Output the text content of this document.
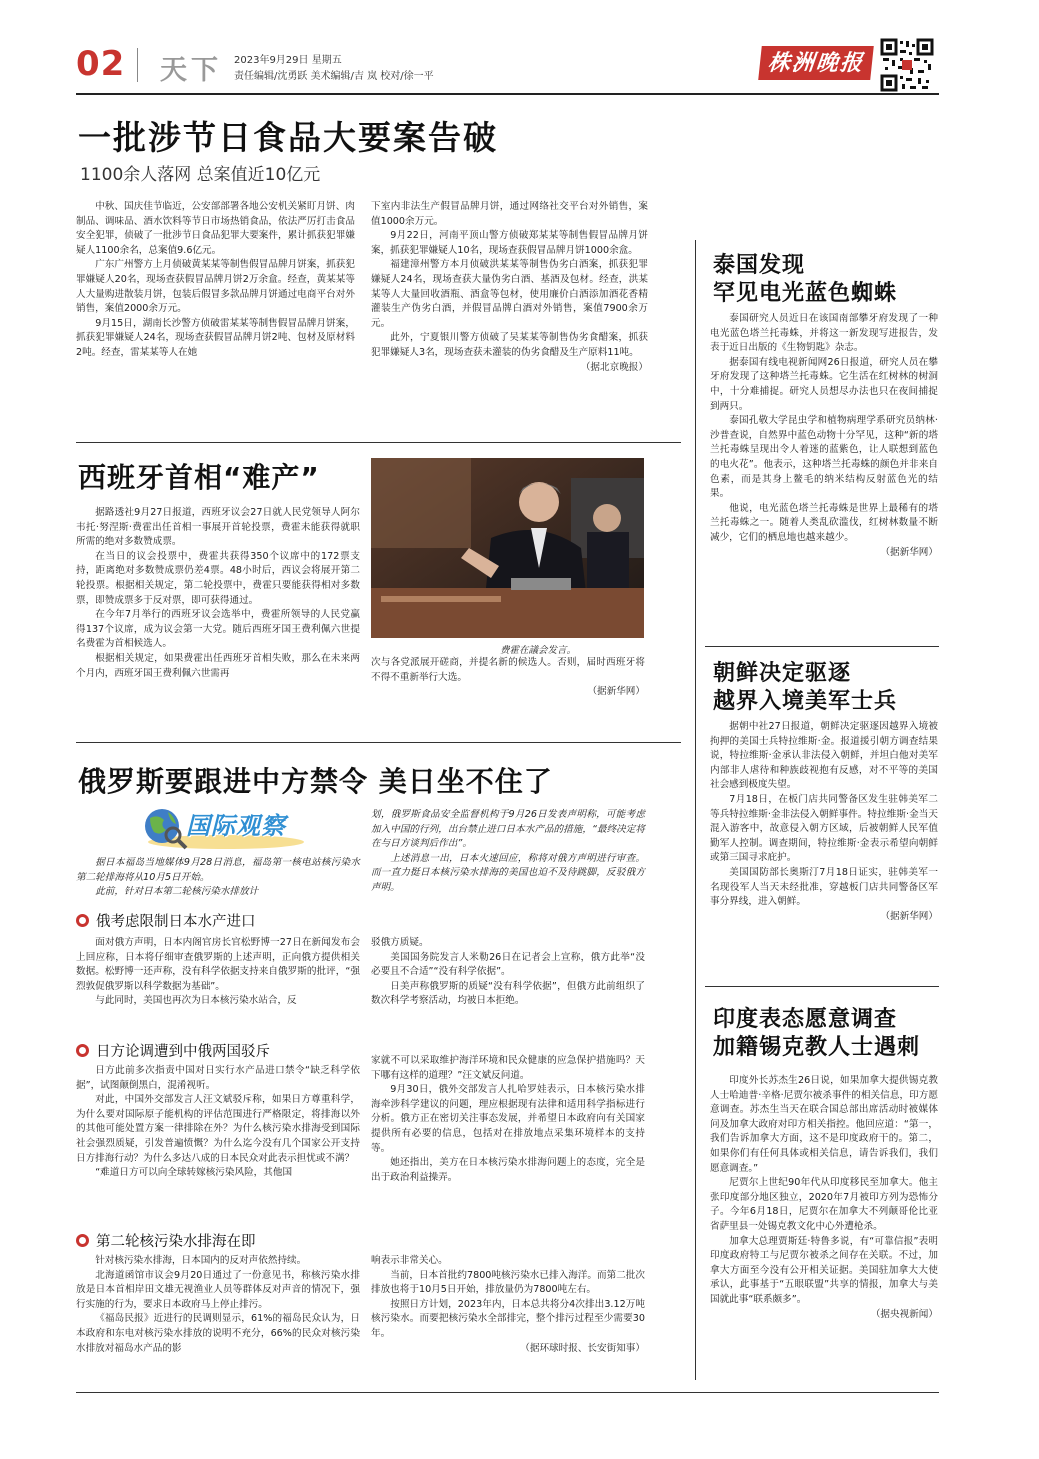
02 天下 2023年9月29日 星期五
责任编辑/沈勇跃 美术编辑/吉 岚 校对/徐一平
株洲晚报
一批涉节日食品大要案告破
1100余人落网 总案值近10亿元

中秋、国庆佳节临近，公安部部署各地公安机关紧盯月饼、肉制品、调味品、酒水饮料等节日市场热销食品，依法严厉打击食品安全犯罪，侦破了一批涉节日食品犯罪大要案件，累计抓获犯罪嫌疑人1100余名，总案值9.6亿元。

广东广州警方上月侦破黄某某等制售假冒品牌月饼案，抓获犯罪嫌疑人20名，现场查获假冒品牌月饼2万余盒。经查，黄某某等人大量购进散装月饼，包装后假冒多款品牌月饼通过电商平台对外销售，案值2000余万元。

9月15日，湖南长沙警方侦破雷某某等制售假冒品牌月饼案，抓获犯罪嫌疑人24名，现场查获假冒品牌月饼2吨、包材及原材料2吨。经查，雷某某等人在她

下室内非法生产假冒品牌月饼，通过网络社交平台对外销售，案值1000余万元。

9月22日，河南平顶山警方侦破郑某某等制售假冒品牌月饼案，抓获犯罪嫌疑人10名，现场查获假冒品牌月饼1000余盒。

福建漳州警方本月侦破洪某某等制售伪劣白酒案，抓获犯罪嫌疑人24名，现场查获大量伪劣白酒、基酒及包材。经查，洪某某等人大量回收酒瓶、酒盒等包材，使用廉价白酒添加酒花香精灌装生产伪劣白酒，并假冒品牌白酒对外销售，案值7900余万元。

此外，宁夏银川警方侦破了吴某某等制售伪劣食醋案，抓获犯罪嫌疑人3名，现场查获未灌装的伪劣食醋及生产原料11吨。

（据北京晚报）

泰国发现
罕见电光蓝色蜘蛛

泰国研究人员近日在该国南部攀牙府发现了一种电光蓝色塔兰托毒蛛，并将这一新发现写进报告，发表于近日出版的《生物钥匙》杂志。

据泰国有线电视新闻网26日报道，研究人员在攀牙府发现了这种塔兰托毒蛛。它生活在红树林的树洞中，十分难捕捉。研究人员想尽办法也只在夜间捕捉到两只。

泰国孔敬大学昆虫学和植物病理学系研究员纳林·沙普查说，自然界中蓝色动物十分罕见，这种“新的塔兰托毒蛛呈现出令人着迷的蓝紫色，让人联想到蓝色的电火花”。他表示，这种塔兰托毒蛛的颜色并非来自色素，而是其身上鳌毛的纳米结构反射蓝色光的结果。

他说，电光蓝色塔兰托毒蛛是世界上最稀有的塔兰托毒蛛之一。随着人类乱砍滥伐，红树林数量不断减少，它们的栖息地也越来越少。

（据新华网）

朝鲜决定驱逐
越界入境美军士兵

据朝中社27日报道，朝鲜决定驱逐因越界入境被拘押的美国士兵特拉维斯·金。报道援引朝方调查结果说，特拉维斯·金承认非法侵入朝鲜，并坦白他对美军内部非人虐待和种族歧视抱有反感，对不平等的美国社会感到极度失望。

7月18日，在板门店共同警备区发生驻韩美军二等兵特拉维斯·金非法侵入朝鲜事件。特拉维斯·金当天混入游客中，故意侵入朝方区域，后被朝鲜人民军值勤军人控制。调查期间，特拉维斯·金表示希望向朝鲜或第三国寻求庇护。

美国国防部长奥斯汀7月18日证实，驻韩美军一名现役军人当天未经批准，穿越板门店共同警备区军事分界线，进入朝鲜。

（据新华网）

印度表态愿意调查
加籍锡克教人士遇刺

印度外长苏杰生26日说，如果加拿大提供锡克教人士哈迪普·辛格·尼贾尔被杀事件的相关信息，印方愿意调查。苏杰生当天在联合国总部出席活动时被媒体问及加拿大政府对印方相关指控。他回应道：“第一，我们告诉加拿大方面，这不是印度政府干的。第二，如果你们有任何具体或相关信息，请告诉我们，我们愿意调查。”

尼贾尔上世纪90年代从印度移民至加拿大。他主张印度部分地区独立，2020年7月被印方列为恐怖分子。今年6月18日，尼贾尔在加拿大不列颠哥伦比亚省萨里县一处锡克教文化中心外遭枪杀。

加拿大总理贾斯廷·特鲁多说，有“可靠信报”表明印度政府特工与尼贾尔被杀之间存在关联。不过，加拿大方面至今没有公开相关证据。美国驻加拿大大使承认，此事基于“五眼联盟”共享的情报，加拿大与美国就此事“联系颇多”。

（据央视新闻）

西班牙首相“难产”

据路透社9月27日报道，西班牙议会27日就人民党领导人阿尔韦托·努涅斯·费霍出任首相一事展开首轮投票，费霍未能获得就职所需的绝对多数赞成票。

在当日的议会投票中，费霍共获得350个议席中的172票支持，距离绝对多数赞成票仍差4票。48小时后，西议会将展开第二轮投票。根据相关规定，第二轮投票中，费霍只要能获得相对多数票，即赞成票多于反对票，即可获得通过。

在今年7月举行的西班牙议会选举中，费霍所领导的人民党赢得137个议席，成为议会第一大党。随后西班牙国王费利佩六世提名费霍为首相候选人。

根据相关规定，如果费霍出任西班牙首相失败，那么在未来两个月内，西班牙国王费利佩六世需再

费霍在議会发言。

次与各党派展开磋商，并提名新的候选人。否则，届时西班牙将不得不重新举行大选。

（据新华网）

俄罗斯要跟进中方禁令 美日坐不住了
国际观察

据日本福岛当地媒体9月28日消息，福岛第一核电站核污染水第二轮排海将从10月5日开始。

此前，针对日本第二轮核污染水排放计

划，俄罗斯食品安全监督机构于9月26日发表声明称，可能考虑加入中国的行列，出台禁止进口日本水产品的措施，“最终决定将在与日方谈判后作出”。

上述消息一出，日本火速回应，称将对俄方声明进行审查。而一直力挺日本核污染水排海的美国也迫不及待跳脚，反驳俄方声明。

俄考虑限制日本水产进口

面对俄方声明，日本内阁官房长官松野博一27日在新闻发布会上回应称，日本将仔细审查俄罗斯的上述声明，正向俄方提供相关数据。松野博一还声称，没有科学依据支持来自俄罗斯的批评，“强烈敦促俄罗斯以科学数据为基础”。

与此同时，美国也再次为日本核污染水站合，反

驳俄方质疑。

美国国务院发言人米勒26日在记者会上宣称，俄方此举“没必要且不合适”“没有科学依据”。

日美声称俄罗斯的质疑“没有科学依据”，但俄方此前组织了数次科学考察活动，均被日本拒绝。

日方论调遭到中俄两国驳斥

日方此前多次指责中国对日实行水产品进口禁令“缺乏科学依据”，试图颠倒黑白，混淆视听。

对此，中国外交部发言人汪文斌驳斥称，如果日方尊重科学，为什么要对国际原子能机构的评估范围进行严格限定，将排海以外的其他可能处置方案一律排除在外？为什么核污染水排海受到国际社会强烈质疑，引发普遍愤慨？为什么迄今没有几个国家公开支持日方排海行动？为什么多达八成的日本民众对此表示担忧或不满？

“难道日方可以向全球转嫁核污染风险，其他国

家就不可以采取维护海洋环境和民众健康的应急保护措施吗？天下哪有这样的道理？”汪文斌反问道。

9月30日，俄外交部发言人扎哈罗娃表示，日本核污染水排海牵涉科学建议的问题，理应根据现有法律和适用科学指标进行分析。俄方正在密切关注事态发展，并希望日本政府向有关国家提供所有必要的信息，包括对在排放地点采集环境样本的支持等。

她还指出，美方在日本核污染水排海问题上的态度，完全是出于政治利益操弄。

第二轮核污染水排海在即

针对核污染水排海，日本国内的反对声依然持续。

北海道函馆市议会9月20日通过了一份意见书，称核污染水排放是日本首相岸田文雄无视渔业人员等群体反对声音的情况下，强行实施的行为，要求日本政府马上停止排污。

《福岛民报》近进行的民调则显示，61%的福岛民众认为，日本政府和东电对核污染水排放的说明不充分，66%的民众对核污染水排放对福岛水产品的影

响表示非常关心。

当前，日本首批约7800吨核污染水已排入海洋。而第二批次排放也将于10月5日开始，排放量仍为7800吨左右。

按照日方计划，2023年内，日本总共将分4次排出3.12万吨核污染水。而要把核污染水全部排完，整个排污过程至少需要30年。

（据环球时报、长安街知事）
